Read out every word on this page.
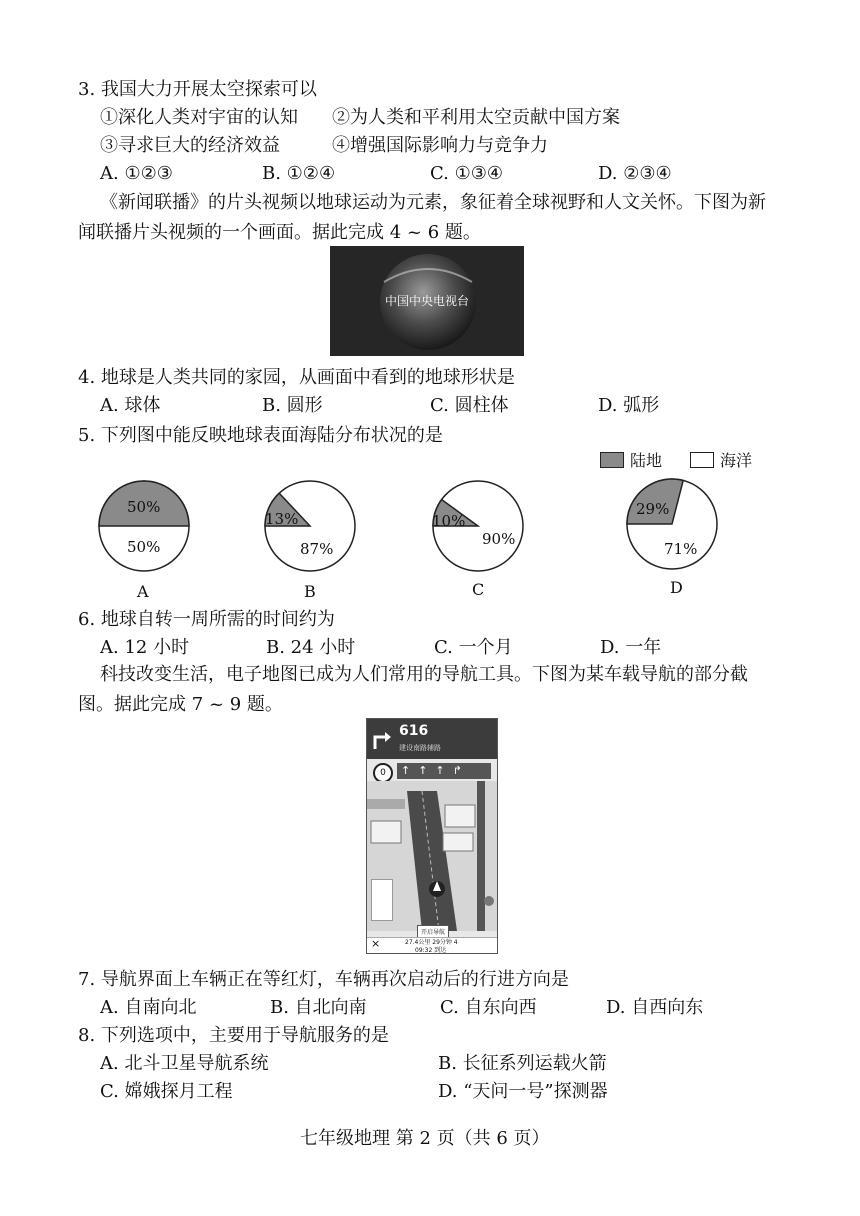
3. 我国大力开展太空探索可以
①深化人类对宇宙的认知 ②为人类和平利用太空贡献中国方案
③寻求巨大的经济效益	④增强国际影响力与竞争力
A. ①②③	B. ①②④	C. ①③④	D. ②③④
《新闻联播》的片头视频以地球运动为元素，象征着全球视野和人文关怀。下图为新闻联播片头视频的一个画面。据此完成 4 ~ 6 题。
中国中央电视台
4. 地球是人类共同的家园，从画面中看到的地球形状是
A. 球体	B. 圆形	C. 圆柱体	D. 弧形
5. 下列图中能反映地球表面海陆分布状况的是
陆地	海洋
50%
50%
A
13%
87%
B
10%
90%
C
29%
71%
D
6. 地球自转一周所需的时间约为
A. 12 小时	B. 24 小时	C. 一个月	D. 一年
科技改变生活，电子地图已成为人们常用的导航工具。下图为某车载导航的部分截图。据此完成 7 ~ 9 题。
616
建设南路辅路
↑↑↑↱
0
开启导航
×	27.4公里 29分钟 4
09:32 到达
7. 导航界面上车辆正在等红灯，车辆再次启动后的行进方向是
A. 自南向北	B. 自北向南	C. 自东向西	D. 自西向东
8. 下列选项中，主要用于导航服务的是
A. 北斗卫星导航系统	B. 长征系列运载火箭
C. 嫦娥探月工程	D. “天问一号”探测器
七年级地理 第 2 页（共 6 页）
